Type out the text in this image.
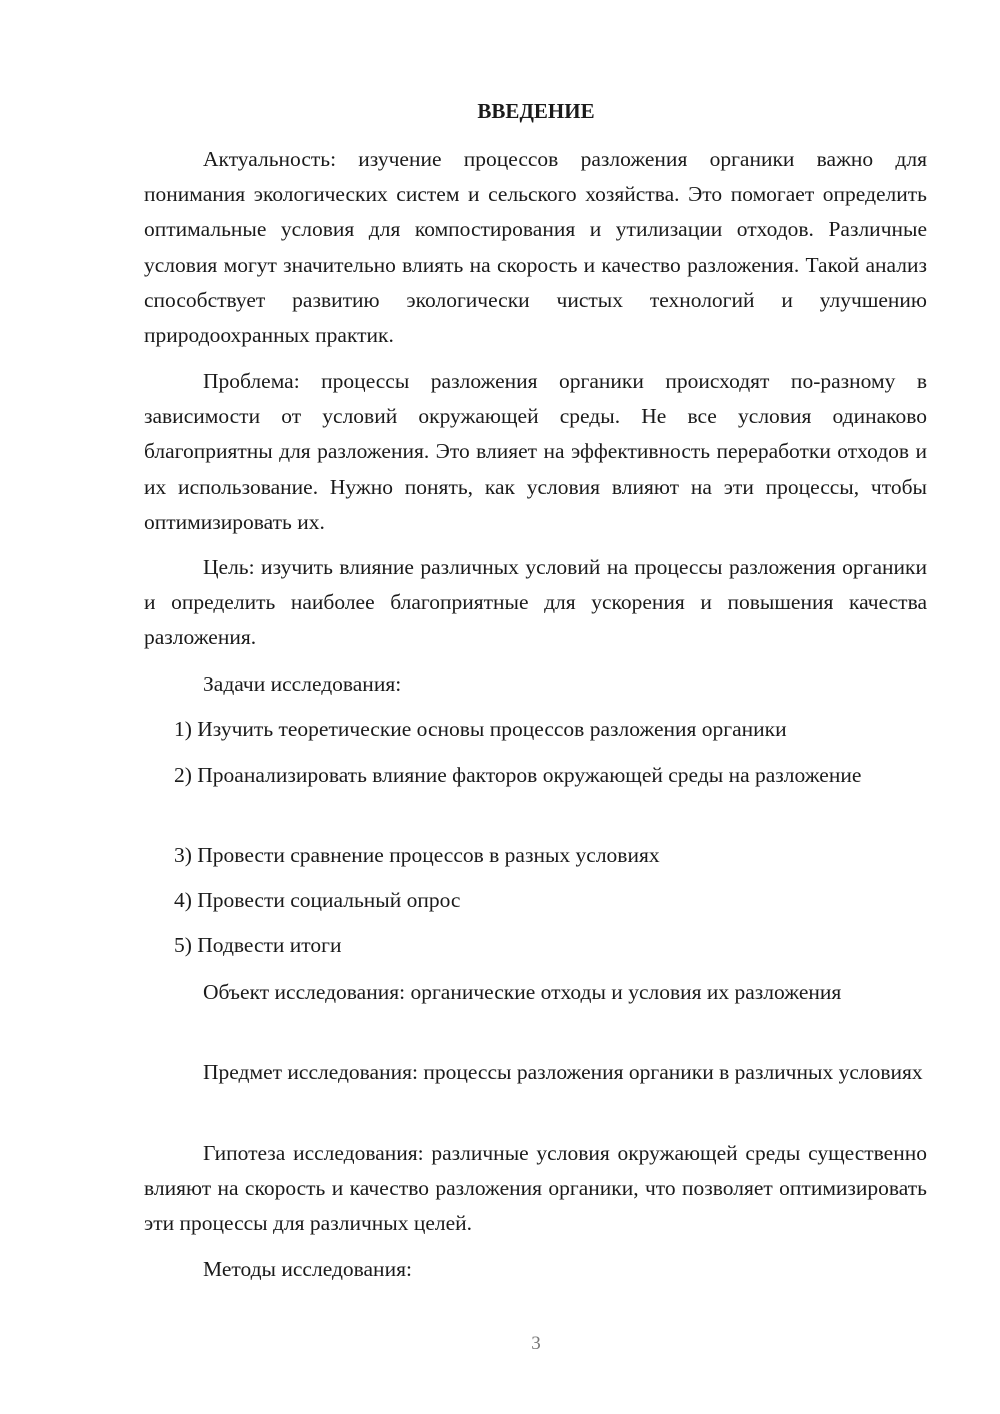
ВВЕДЕНИЕ

Актуальность: изучение процессов разложения органики важно для понимания экологических систем и сельского хозяйства. Это помогает определить оптимальные условия для компостирования и утилизации отходов. Различные условия могут значительно влиять на скорость и качество разложения. Такой анализ способствует развитию экологически чистых технологий и улучшению природоохранных практик.

Проблема: процессы разложения органики происходят по-разному в зависимости от условий окружающей среды. Не все условия одинаково благоприятны для разложения. Это влияет на эффективность переработки отходов и их использование. Нужно понять, как условия влияют на эти процессы, чтобы оптимизировать их.

Цель: изучить влияние различных условий на процессы разложения органики и определить наиболее благоприятные для ускорения и повышения качества разложения.

Задачи исследования:

1) Изучить теоретические основы процессов разложения органики

2) Проанализировать влияние факторов окружающей среды на разложение

3) Провести сравнение процессов в разных условиях

4) Провести социальный опрос

5) Подвести итоги

Объект исследования: органические отходы и условия их разложения

Предмет исследования: процессы разложения органики в различных условиях

Гипотеза исследования: различные условия окружающей среды существенно влияют на скорость и качество разложения органики, что позволяет оптимизировать эти процессы для различных целей.

Методы исследования:

3
